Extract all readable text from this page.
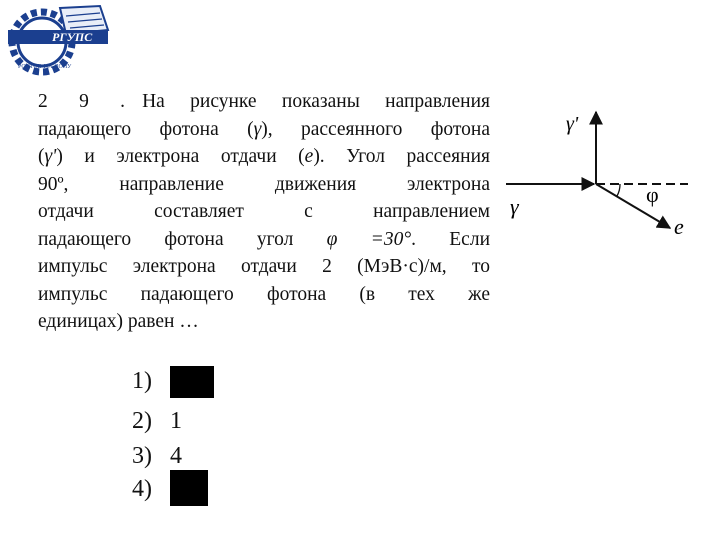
РГУПС
РОСТОВ-НА-ДОНУ
2 9 . На рисунке показаны направления
падающего фотона (γ), рассеянного фотона
(γ') и электрона отдачи (e). Угол рассеяния
90º, направление движения электрона
отдачи составляет с направлением
падающего фотона угол φ =30°. Если
импульс электрона отдачи 2 (МэВ·с)/м, то
импульс падающего фотона (в тех же
единицах) равен …
1)
2) 1
3) 4
4)
γ
γ'
φ
e
